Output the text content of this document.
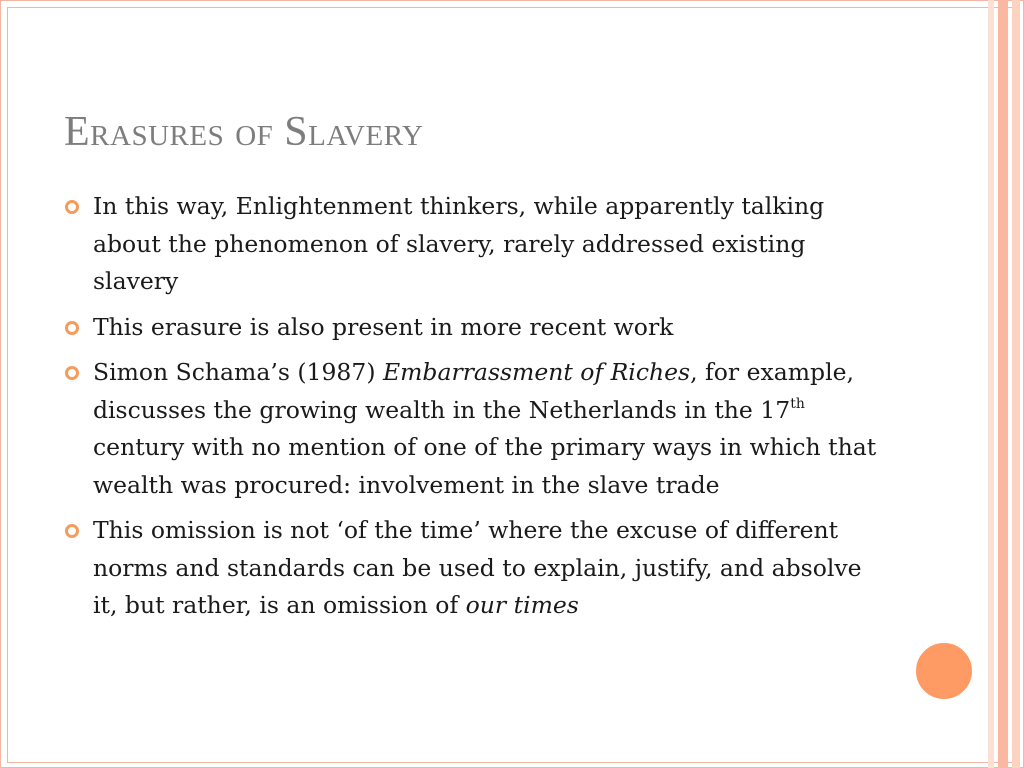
Erasures of Slavery
In this way, Enlightenment thinkers, while apparently talking about the phenomenon of slavery, rarely addressed existing slavery
This erasure is also present in more recent work
Simon Schama’s (1987) Embarrassment of Riches, for example, discusses the growing wealth in the Netherlands in the 17th century with no mention of one of the primary ways in which that wealth was procured: involvement in the slave trade
This omission is not ‘of the time’ where the excuse of different norms and standards can be used to explain, justify, and absolve it, but rather, is an omission of our times
